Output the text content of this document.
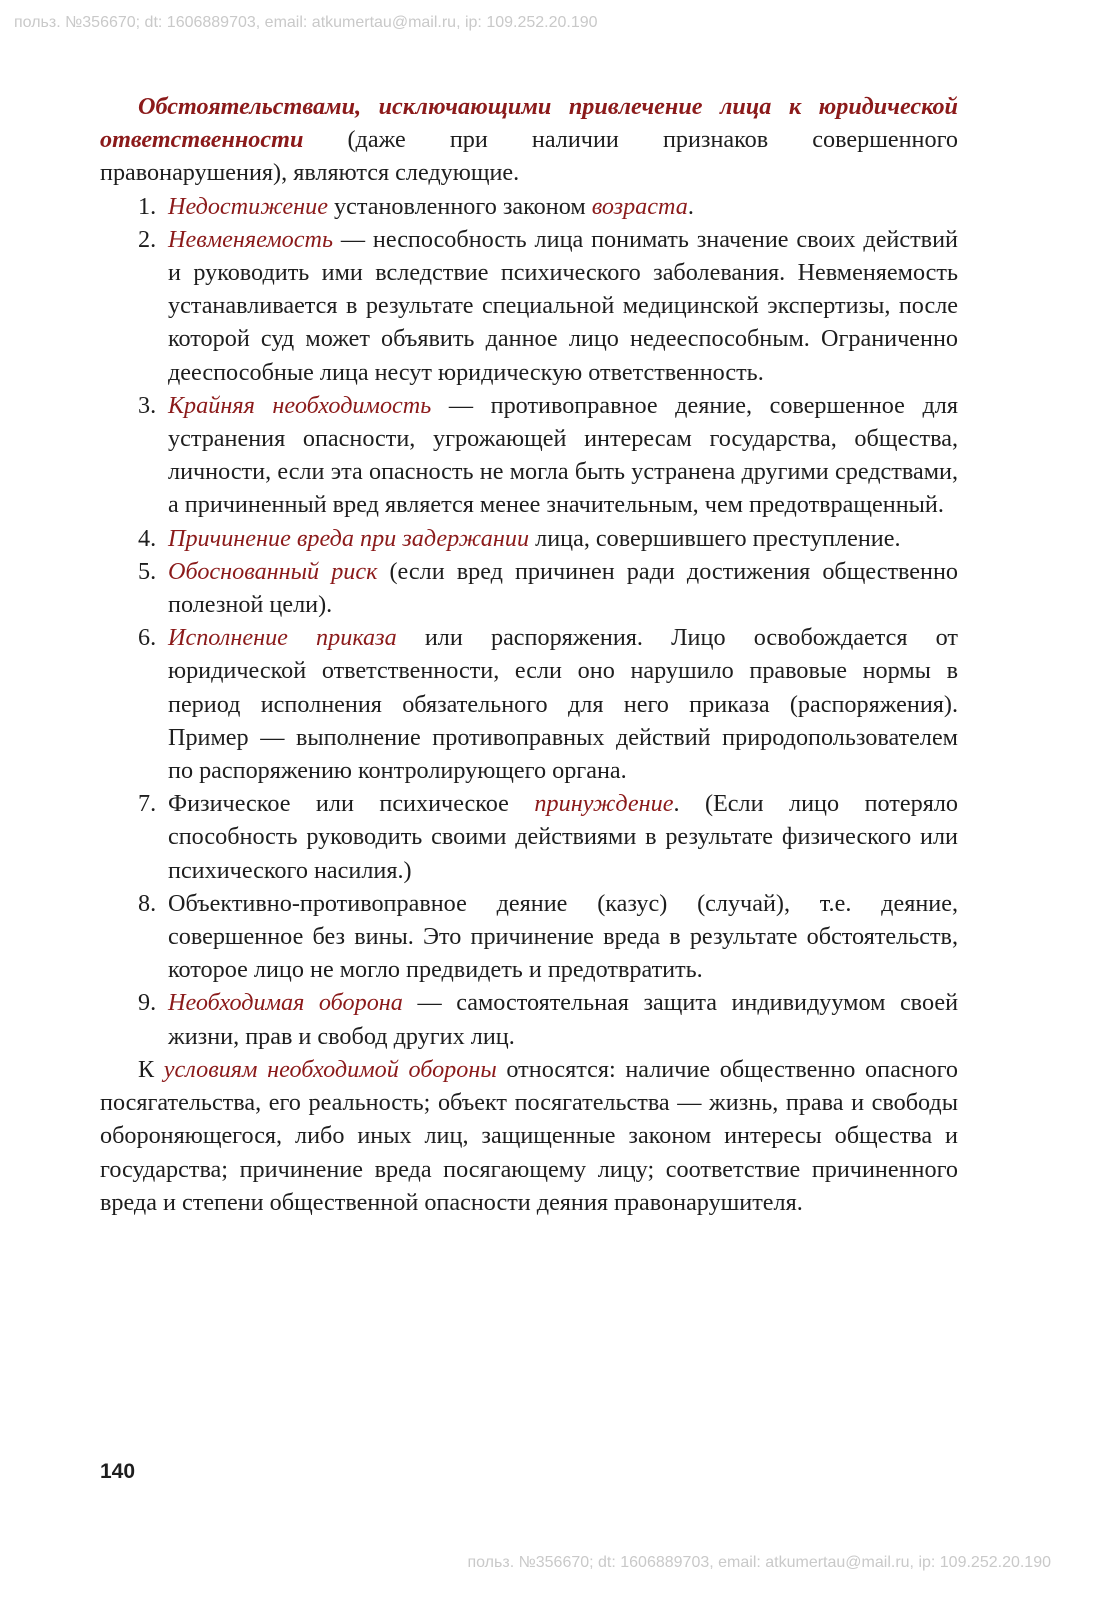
польз. №356670; dt: 1606889703, email: atkumertau@mail.ru, ip: 109.252.20.190

Обстоятельствами, исключающими привлечение лица к юридической ответственности (даже при наличии признаков совершенного правонарушения), являются следующие.

1. Недостижение установленного законом возраста.
2. Невменяемость — неспособность лица понимать значение своих действий и руководить ими вследствие психического заболевания. Невменяемость устанавливается в результате специальной медицинской экспертизы, после которой суд может объявить данное лицо недееспособным. Ограниченно дееспособные лица несут юридическую ответственность.
3. Крайняя необходимость — противоправное деяние, совершенное для устранения опасности, угрожающей интересам государства, общества, личности, если эта опасность не могла быть устранена другими средствами, а причиненный вред является менее значительным, чем предотвращенный.
4. Причинение вреда при задержании лица, совершившего преступление.
5. Обоснованный риск (если вред причинен ради достижения общественно полезной цели).
6. Исполнение приказа или распоряжения. Лицо освобождается от юридической ответственности, если оно нарушило правовые нормы в период исполнения обязательного для него приказа (распоряжения). Пример — выполнение противоправных действий природопользователем по распоряжению контролирующего органа.
7. Физическое или психическое принуждение. (Если лицо потеряло способность руководить своими действиями в результате физического или психического насилия.)
8. Объективно-противоправное деяние (казус) (случай), т.е. деяние, совершенное без вины. Это причинение вреда в результате обстоятельств, которое лицо не могло предвидеть и предотвратить.
9. Необходимая оборона — самостоятельная защита индивидуумом своей жизни, прав и свобод других лиц.

К условиям необходимой обороны относятся: наличие общественно опасного посягательства, его реальность; объект посягательства — жизнь, права и свободы обороняющегося, либо иных лиц, защищенные законом интересы общества и государства; причинение вреда посягающему лицу; соответствие причиненного вреда и степени общественной опасности деяния правонарушителя.

140
польз. №356670; dt: 1606889703, email: atkumertau@mail.ru, ip: 109.252.20.190
